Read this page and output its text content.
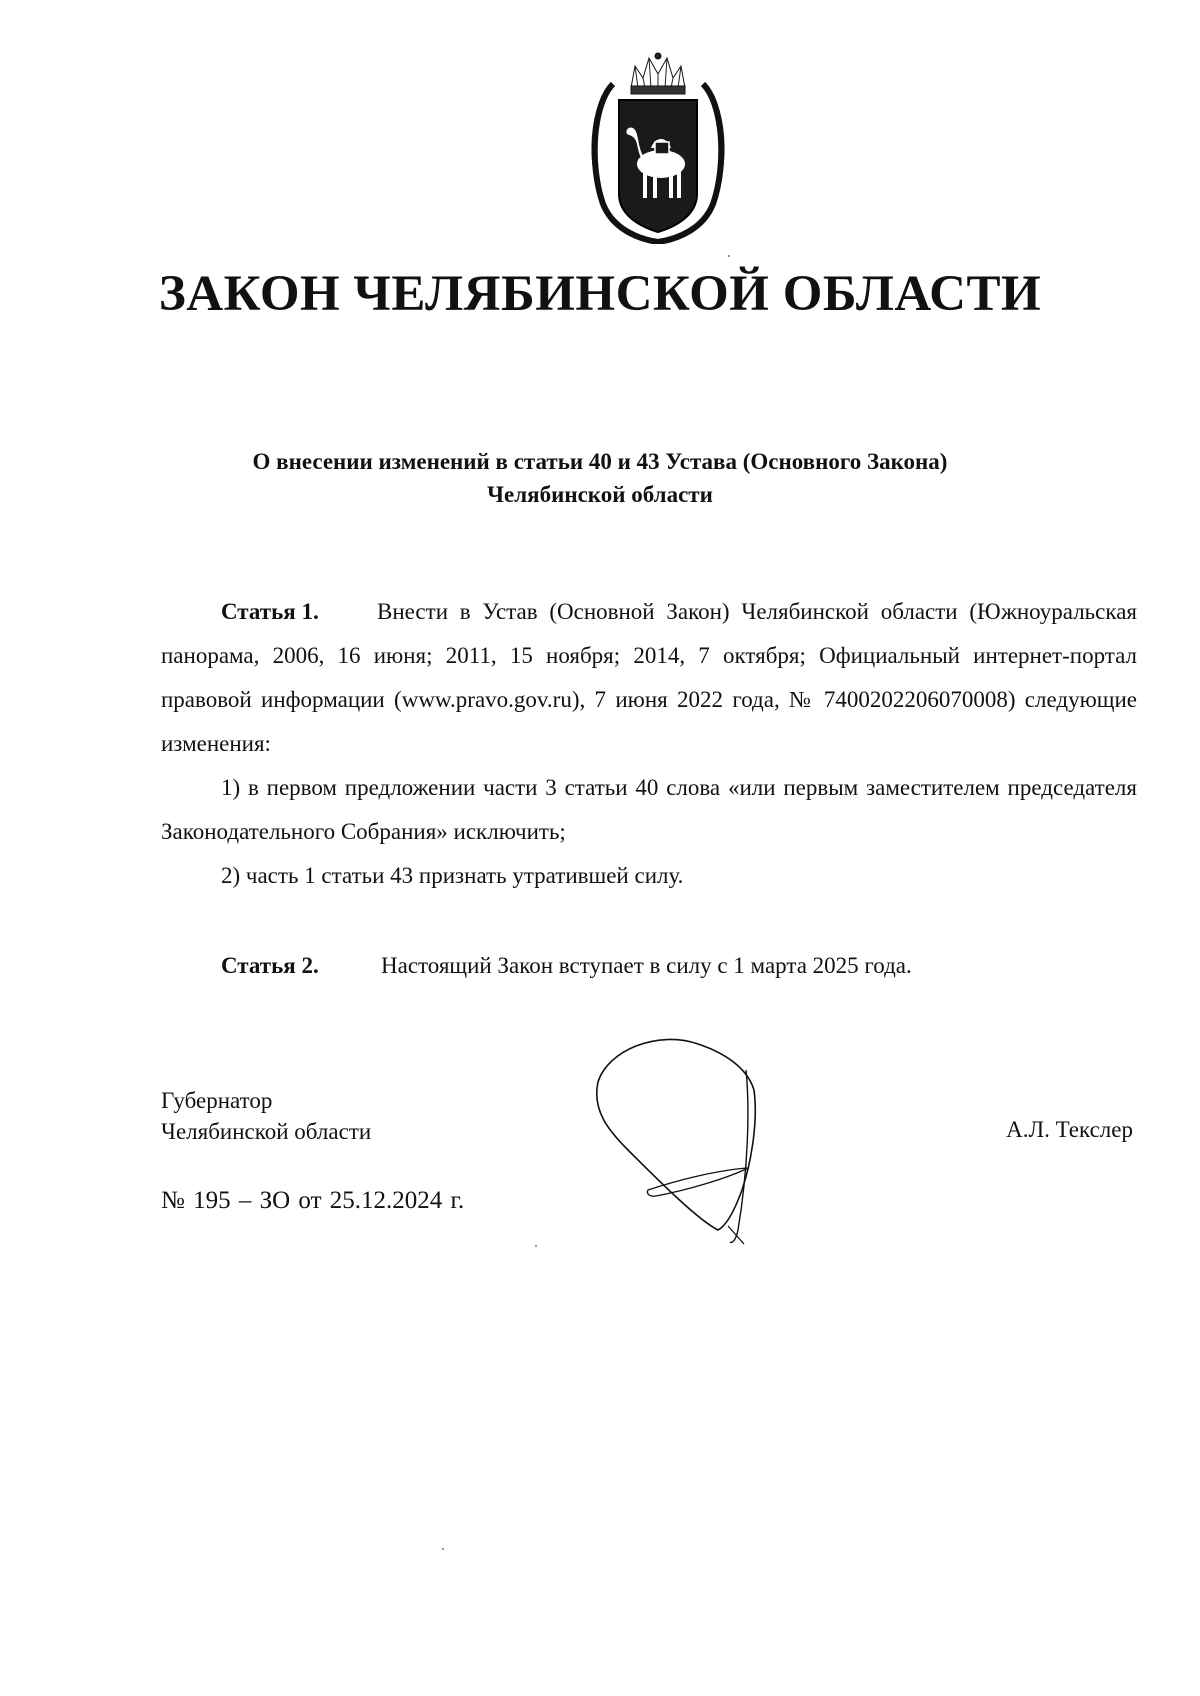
ЗАКОН ЧЕЛЯБИНСКОЙ ОБЛАСТИ
О внесении изменений в статьи 40 и 43 Устава (Основного Закона)
Челябинской области

Статья 1.	Внести в Устав (Основной Закон) Челябинской области (Южноуральская панорама, 2006, 16 июня; 2011, 15 ноября; 2014, 7 октября; Официальный интернет-портал правовой информации (www.pravo.gov.ru), 7 июня 2022 года, № 7400202206070008) следующие изменения:

1) в первом предложении части 3 статьи 40 слова «или первым заместителем председателя Законодательного Собрания» исключить;

2) часть 1 статьи 43 признать утратившей силу.

Статья 2.	Настоящий Закон вступает в силу с 1 марта 2025 года.

Губернатор
Челябинской области	А.Л. Текслер
№ 195 – ЗО от 25.12.2024 г.
